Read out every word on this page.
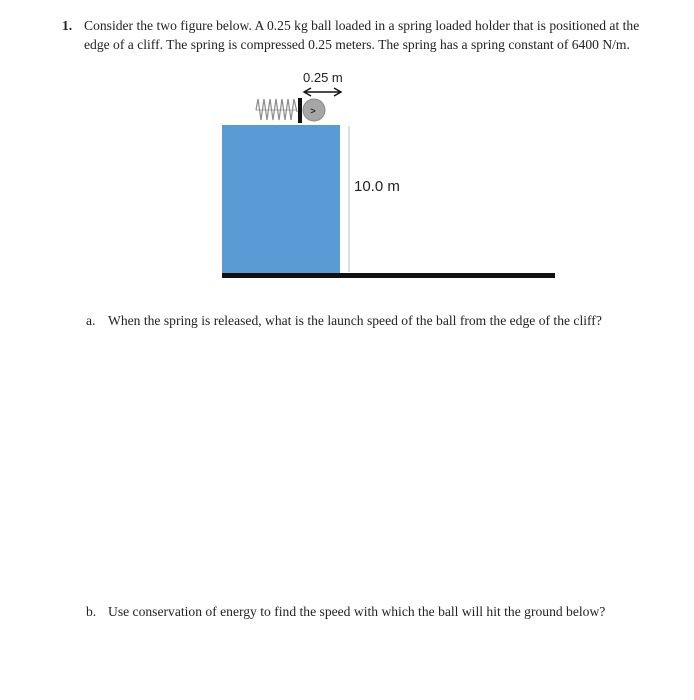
1. Consider the two figure below. A 0.25 kg ball loaded in a spring loaded holder that is positioned at the edge of a cliff. The spring is compressed 0.25 meters. The spring has a spring constant of 6400 N/m.
>
0.25 m
10.0 m
a. When the spring is released, what is the launch speed of the ball from the edge of the cliff?
b. Use conservation of energy to find the speed with which the ball will hit the ground below?
